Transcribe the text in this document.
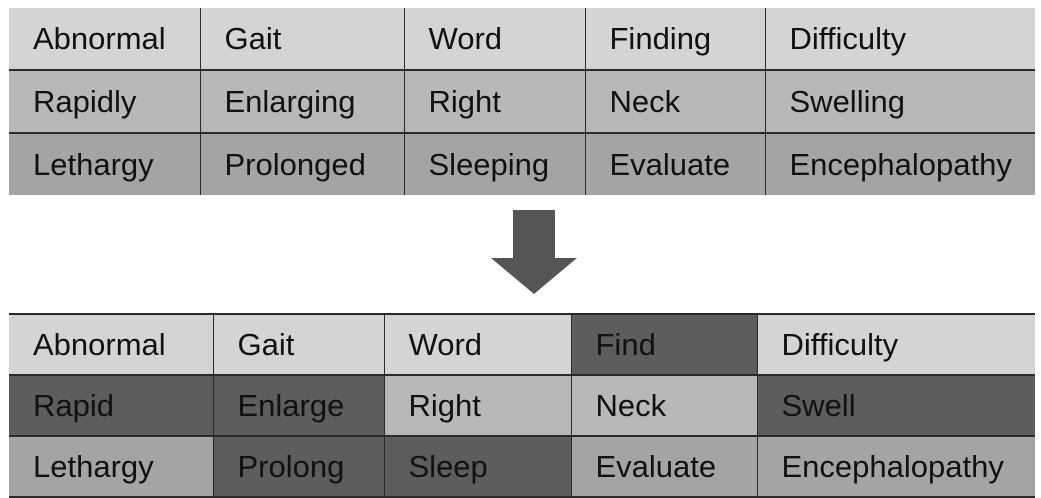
Abnormal	Gait	Word	Finding	Difficulty
Rapidly	Enlarging	Right	Neck	Swelling
Lethargy	Prolonged	Sleeping	Evaluate	Encephalopathy
Abnormal	Gait	Word	Find	Difficulty
Rapid	Enlarge	Right	Neck	Swell
Lethargy	Prolong	Sleep	Evaluate	Encephalopathy
